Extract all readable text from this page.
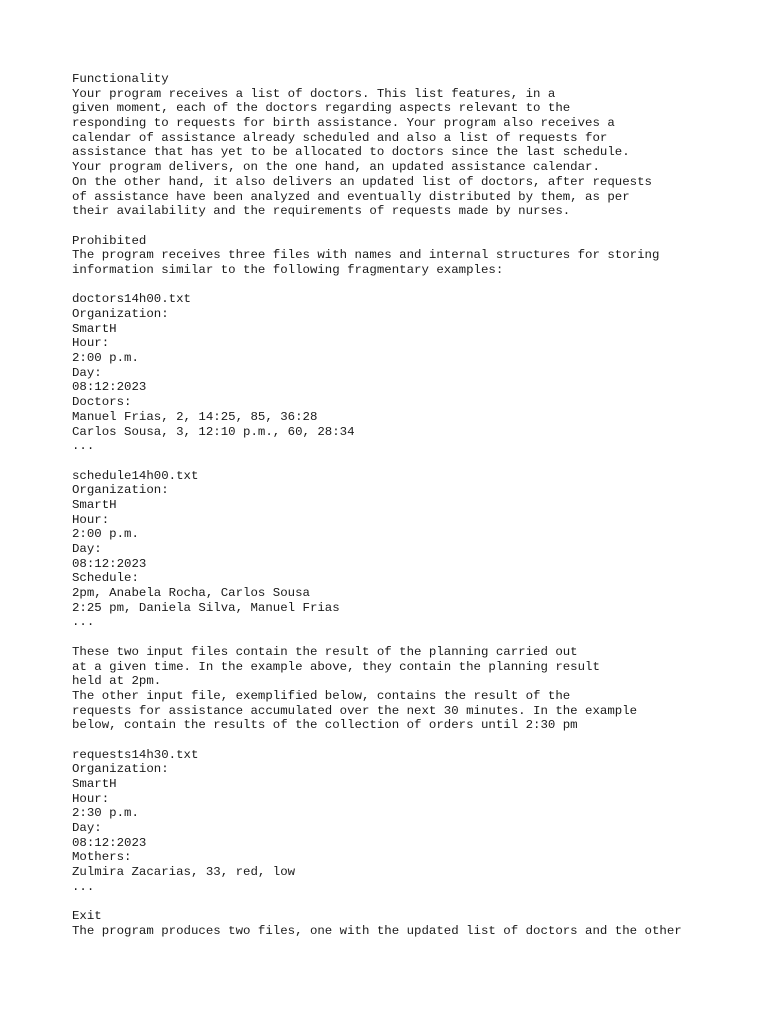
Functionality
Your program receives a list of doctors. This list features, in a
given moment, each of the doctors regarding aspects relevant to the
responding to requests for birth assistance. Your program also receives a
calendar of assistance already scheduled and also a list of requests for
assistance that has yet to be allocated to doctors since the last schedule.
Your program delivers, on the one hand, an updated assistance calendar.
On the other hand, it also delivers an updated list of doctors, after requests
of assistance have been analyzed and eventually distributed by them, as per
their availability and the requirements of requests made by nurses.
Prohibited
The program receives three files with names and internal structures for storing
information similar to the following fragmentary examples:
doctors14h00.txt
Organization:
SmartH
Hour:
2:00 p.m.
Day:
08:12:2023
Doctors:
Manuel Frias, 2, 14:25, 85, 36:28
Carlos Sousa, 3, 12:10 p.m., 60, 28:34
...
schedule14h00.txt
Organization:
SmartH
Hour:
2:00 p.m.
Day:
08:12:2023
Schedule:
2pm, Anabela Rocha, Carlos Sousa
2:25 pm, Daniela Silva, Manuel Frias
...
These two input files contain the result of the planning carried out
at a given time. In the example above, they contain the planning result
held at 2pm.
The other input file, exemplified below, contains the result of the
requests for assistance accumulated over the next 30 minutes. In the example
below, contain the results of the collection of orders until 2:30 pm
requests14h30.txt
Organization:
SmartH
Hour:
2:30 p.m.
Day:
08:12:2023
Mothers:
Zulmira Zacarias, 33, red, low
...
Exit
The program produces two files, one with the updated list of doctors and the other
